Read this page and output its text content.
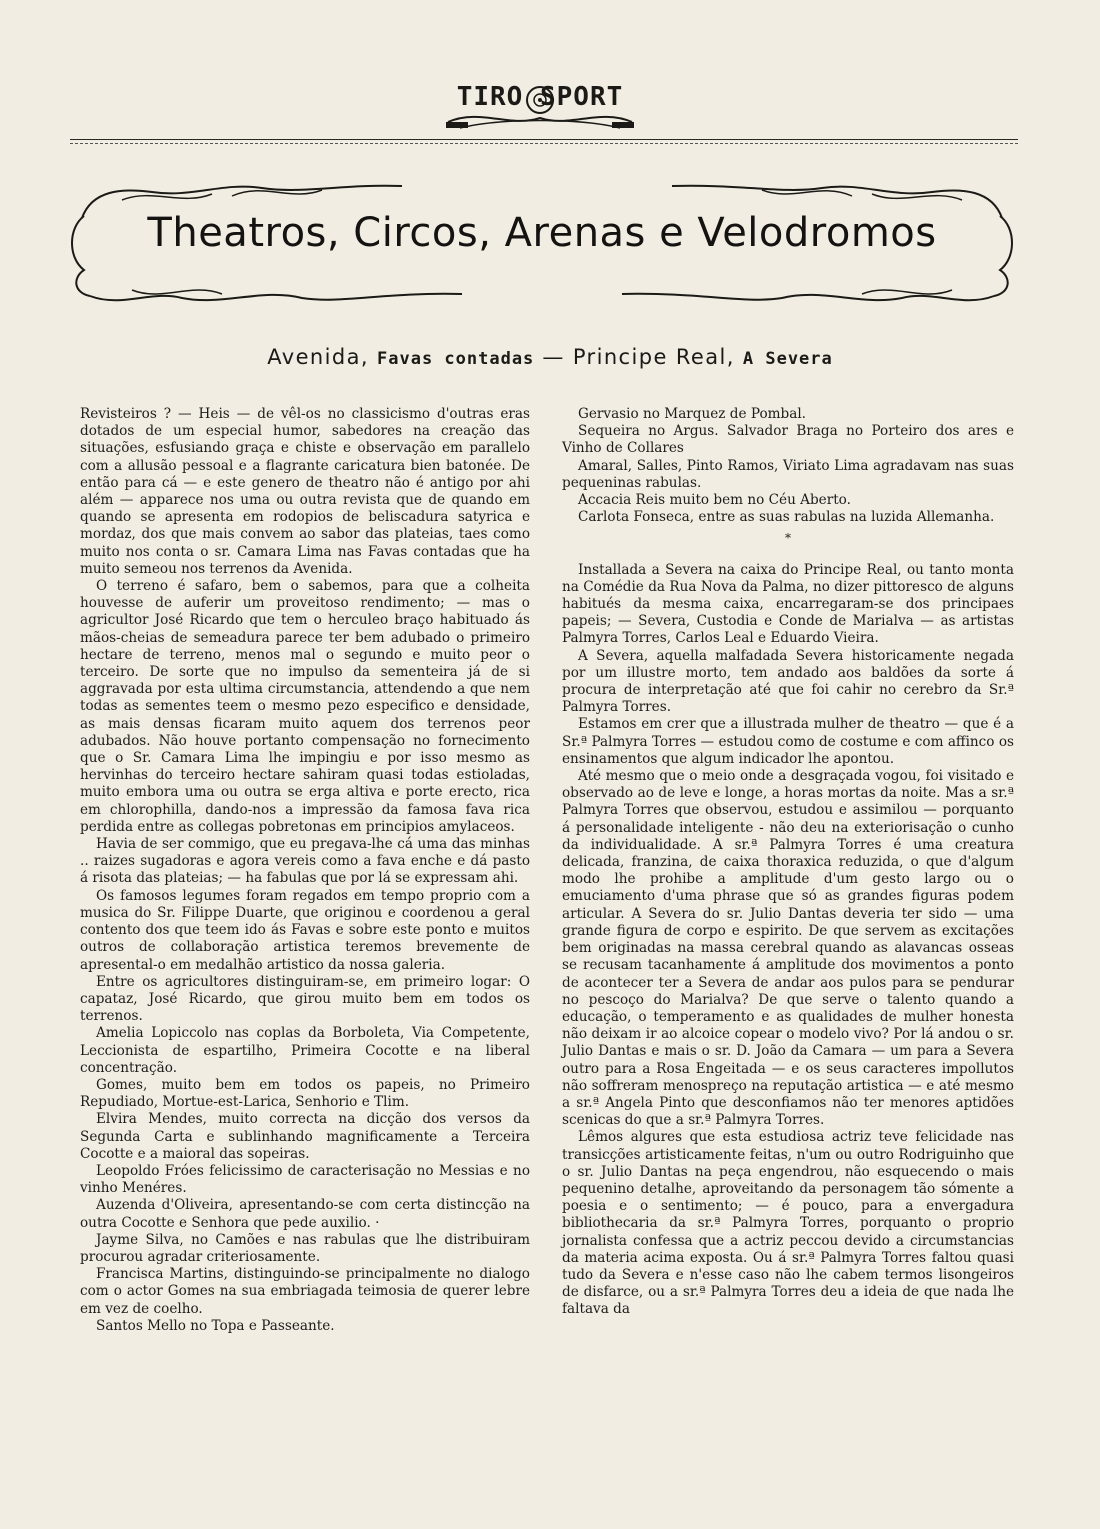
TIRO SPORT
Theatros, Circos, Arenas e Velodromos
Avenida, Favas contadas — Principe Real, A Severa

Revisteiros ? — Heis — de vêl-os no classicismo d'outras eras dotados de um especial humor, sabedores na creação das situações, esfusiando graça e chiste e observação em parallelo com a allusão pessoal e a flagrante caricatura bien batonée. De então para cá — e este genero de theatro não é antigo por ahi além — apparece nos uma ou outra revista que de quando em quando se apresenta em rodopios de beliscadura satyrica e mordaz, dos que mais convem ao sabor das plateias, taes como muito nos conta o sr. Camara Lima nas Favas contadas que ha muito semeou nos terrenos da Avenida.

O terreno é safaro, bem o sabemos, para que a colheita houvesse de auferir um proveitoso rendimento; — mas o agricultor José Ricardo que tem o herculeo braço habituado ás mãos-cheias de semeadura parece ter bem adubado o primeiro hectare de terreno, menos mal o segundo e muito peor o terceiro. De sorte que no impulso da sementeira já de si aggravada por esta ultima circumstancia, attendendo a que nem todas as sementes teem o mesmo pezo especifico e densidade, as mais densas ficaram muito aquem dos terrenos peor adubados. Não houve portanto compensação no fornecimento que o Sr. Camara Lima lhe impingiu e por isso mesmo as hervinhas do terceiro hectare sahiram quasi todas estioladas, muito embora uma ou outra se erga altiva e porte erecto, rica em chlorophilla, dando-nos a impressão da famosa fava rica perdida entre as collegas pobretonas em principios amylaceos.

Havia de ser commigo, que eu pregava-lhe cá uma das minhas .. raizes sugadoras e agora vereis como a fava enche e dá pasto á risota das plateias; — ha fabulas que por lá se expressam ahi.

Os famosos legumes foram regados em tempo proprio com a musica do Sr. Filippe Duarte, que originou e coordenou a geral contento dos que teem ido ás Favas e sobre este ponto e muitos outros de collaboração artistica teremos brevemente de apresental-o em medalhão artistico da nossa galeria.

Entre os agricultores distinguiram-se, em primeiro logar: O capataz, José Ricardo, que girou muito bem em todos os terrenos.

Amelia Lopiccolo nas coplas da Borboleta, Via Competente, Leccionista de espartilho, Primeira Cocotte e na liberal concentração.

Gomes, muito bem em todos os papeis, no Primeiro Repudiado, Mortue-est-Larica, Senhorio e Tlim.

Elvira Mendes, muito correcta na dicção dos versos da Segunda Carta e sublinhando magnificamente a Terceira Cocotte e a maioral das sopeiras.

Leopoldo Fróes felicissimo de caracterisação no Messias e no vinho Menéres.

Auzenda d'Oliveira, apresentando-se com certa distincção na outra Cocotte e Senhora que pede auxilio. ·

Jayme Silva, no Camões e nas rabulas que lhe distribuiram procurou agradar criteriosamente.

Francisca Martins, distinguindo-se principalmente no dialogo com o actor Gomes na sua embriagada teimosia de querer lebre em vez de coelho.

Santos Mello no Topa e Passeante.

Gervasio no Marquez de Pombal.

Sequeira no Argus. Salvador Braga no Porteiro dos ares e Vinho de Collares

Amaral, Salles, Pinto Ramos, Viriato Lima agradavam nas suas pequeninas rabulas.

Accacia Reis muito bem no Céu Aberto.

Carlota Fonseca, entre as suas rabulas na luzida Allemanha.

*

Installada a Severa na caixa do Principe Real, ou tanto monta na Comédie da Rua Nova da Palma, no dizer pittoresco de alguns habitués da mesma caixa, encarregaram-se dos principaes papeis; — Severa, Custodia e Conde de Marialva — as artistas Palmyra Torres, Carlos Leal e Eduardo Vieira.

A Severa, aquella malfadada Severa historicamente negada por um illustre morto, tem andado aos baldões da sorte á procura de interpretação até que foi cahir no cerebro da Sr.ª Palmyra Torres.

Estamos em crer que a illustrada mulher de theatro — que é a Sr.ª Palmyra Torres — estudou como de costume e com affinco os ensinamentos que algum indicador lhe apontou.

Até mesmo que o meio onde a desgraçada vogou, foi visitado e observado ao de leve e longe, a horas mortas da noite. Mas a sr.ª Palmyra Torres que observou, estudou e assimilou — porquanto á personalidade inteligente - não deu na exteriorisação o cunho da individualidade. A sr.ª Palmyra Torres é uma creatura delicada, franzina, de caixa thoraxica reduzida, o que d'algum modo lhe prohibe a amplitude d'um gesto largo ou o emuciamento d'uma phrase que só as grandes figuras podem articular. A Severa do sr. Julio Dantas deveria ter sido — uma grande figura de corpo e espirito. De que servem as excitações bem originadas na massa cerebral quando as alavancas osseas se recusam tacanhamente á amplitude dos movimentos a ponto de acontecer ter a Severa de andar aos pulos para se pendurar no pescoço do Marialva? De que serve o talento quando a educação, o temperamento e as qualidades de mulher honesta não deixam ir ao alcoice copear o modelo vivo? Por lá andou o sr. Julio Dantas e mais o sr. D. João da Camara — um para a Severa outro para a Rosa Engeitada — e os seus caracteres impollutos não soffreram menospreço na reputação artistica — e até mesmo a sr.ª Angela Pinto que desconfiamos não ter menores aptidões scenicas do que a sr.ª Palmyra Torres.

Lêmos algures que esta estudiosa actriz teve felicidade nas transicções artisticamente feitas, n'um ou outro Rodriguinho que o sr. Julio Dantas na peça engendrou, não esquecendo o mais pequenino detalhe, aproveitando da personagem tão sómente a poesia e o sentimento; — é pouco, para a envergadura bibliothecaria da sr.ª Palmyra Torres, porquanto o proprio jornalista confessa que a actriz peccou devido a circumstancias da materia acima exposta. Ou á sr.ª Palmyra Torres faltou quasi tudo da Severa e n'esse caso não lhe cabem termos lisongeiros de disfarce, ou a sr.ª Palmyra Torres deu a ideia de que nada lhe faltava da
